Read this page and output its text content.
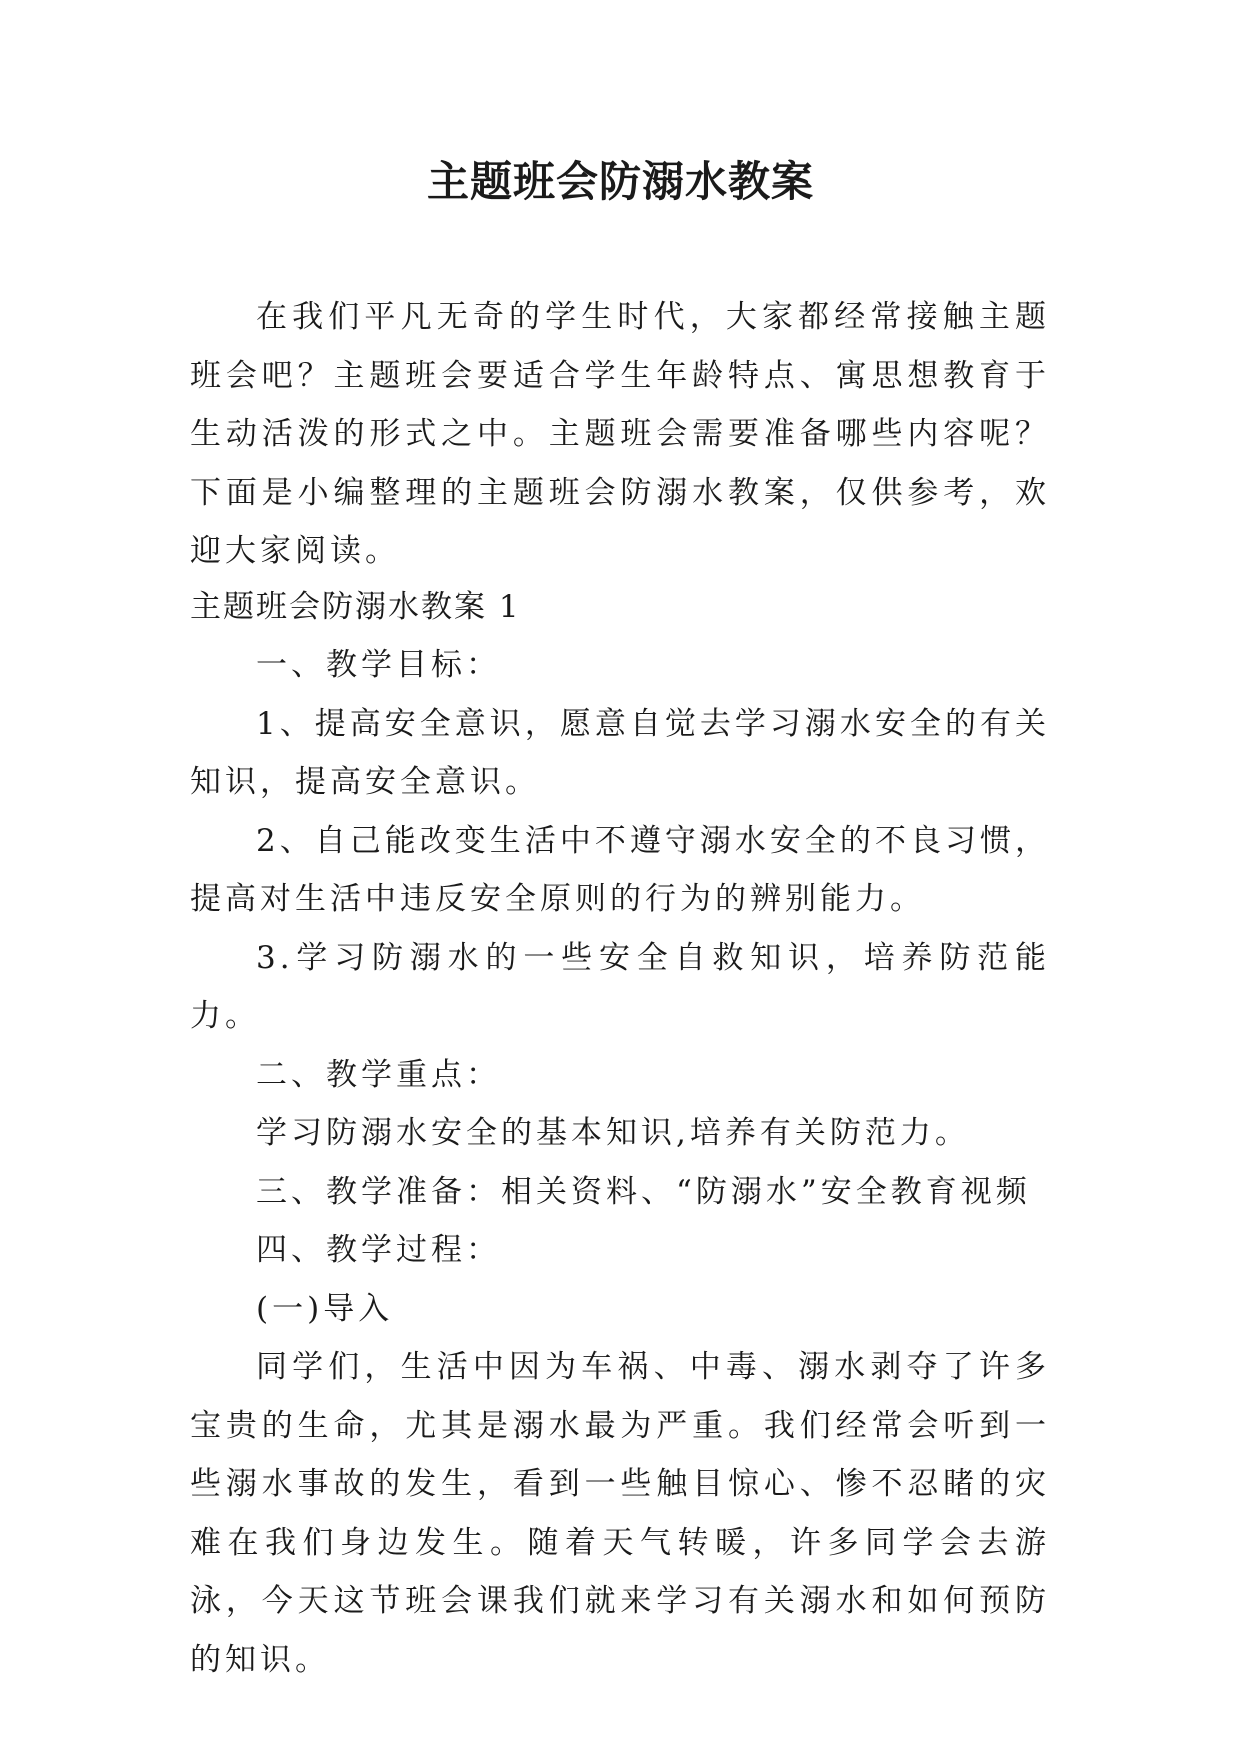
主题班会防溺水教案

在我们平凡无奇的学生时代，大家都经常接触主题班会吧？主题班会要适合学生年龄特点、寓思想教育于生动活泼的形式之中。主题班会需要准备哪些内容呢？下面是小编整理的主题班会防溺水教案，仅供参考，欢迎大家阅读。

主题班会防溺水教案 1

一、教学目标：

1、提高安全意识，愿意自觉去学习溺水安全的有关知识，提高安全意识。

2、自己能改变生活中不遵守溺水安全的不良习惯，提高对生活中违反安全原则的行为的辨别能力。

3.学习防溺水的一些安全自救知识，培养防范能力。

二、教学重点：

学习防溺水安全的基本知识,培养有关防范力。

三、教学准备：相关资料、“防溺水”安全教育视频

四、教学过程：

(一)导入

同学们，生活中因为车祸、中毒、溺水剥夺了许多宝贵的生命，尤其是溺水最为严重。我们经常会听到一些溺水事故的发生，看到一些触目惊心、惨不忍睹的灾难在我们身边发生。随着天气转暖，许多同学会去游泳，今天这节班会课我们就来学习有关溺水和如何预防的知识。
